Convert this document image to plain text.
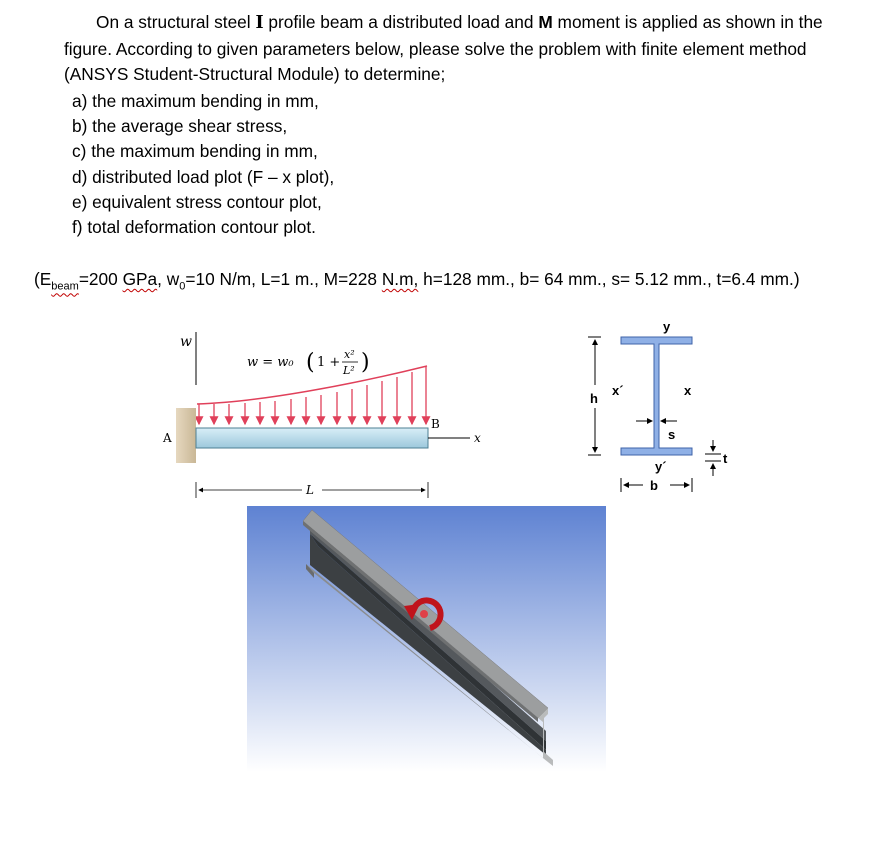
On a structural steel I profile beam a distributed load and M moment is applied as shown in the figure. According to given parameters below, please solve the problem with finite element method (ANSYS Student-Structural Module) to determine;
a) the maximum bending in mm,
b) the average shear stress,
c) the maximum bending in mm,
d) distributed load plot (F – x plot),
e) equivalent stress contour plot,
f) total deformation contour plot.
($E_{beam}=200$ GPa, $w_0=10$ N/m, L=1 m., M=228 N.m, h=128 mm., b= 64 mm., s= 5.12 mm., t=6.4 mm.)
w
w = w₀ ( 1 +
x²
L² )
A
B
x
L
y
x´	x
h
s
y´
b
t
